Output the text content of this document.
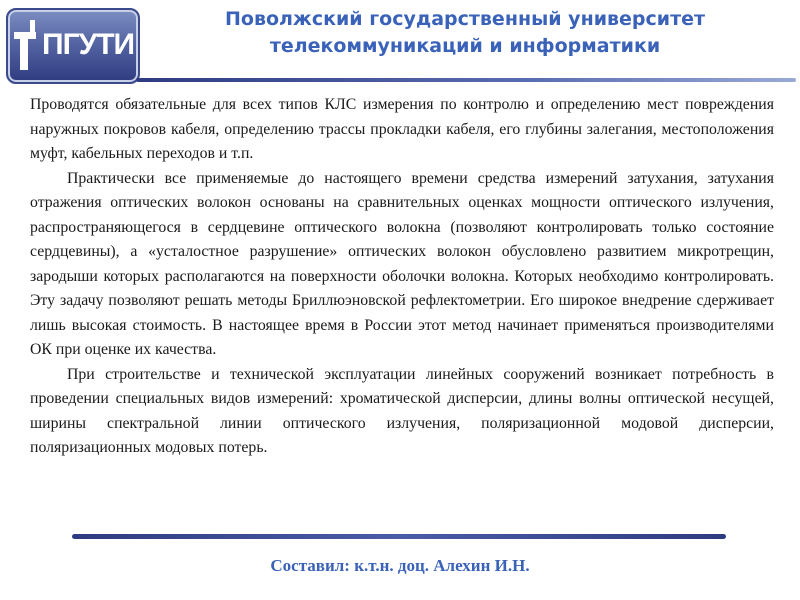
ПГУТИ
Поволжский государственный университет
телекоммуникаций и информатики

Проводятся обязательные для всех типов КЛС измерения по контролю и определению мест повреждения наружных покровов кабеля, определению трассы прокладки кабеля, его глубины залегания, местоположения муфт, кабельных переходов и т.п.

Практически все применяемые до настоящего времени средства измерений затухания, затухания отражения оптических волокон основаны на сравнительных оценках мощности оптического излучения, распространяющегося в сердцевине оптического волокна (позволяют контролировать только состояние сердцевины), а «усталостное разрушение» оптических волокон обусловлено развитием микротрещин, зародыши которых располагаются на поверхности оболочки волокна. Которых необходимо контролировать. Эту задачу позволяют решать методы Бриллюэновской рефлектометрии. Его широкое внедрение сдерживает лишь высокая стоимость. В настоящее время в России этот метод начинает применяться производителями ОК при оценке их качества.

При строительстве и технической эксплуатации линейных сооружений возникает потребность в проведении специальных видов измерений: хроматической дисперсии, длины волны оптической несущей, ширины спектральной линии оптического излучения, поляризационной модовой дисперсии, поляризационных модовых потерь.

Составил: к.т.н. доц. Алехин И.Н.
